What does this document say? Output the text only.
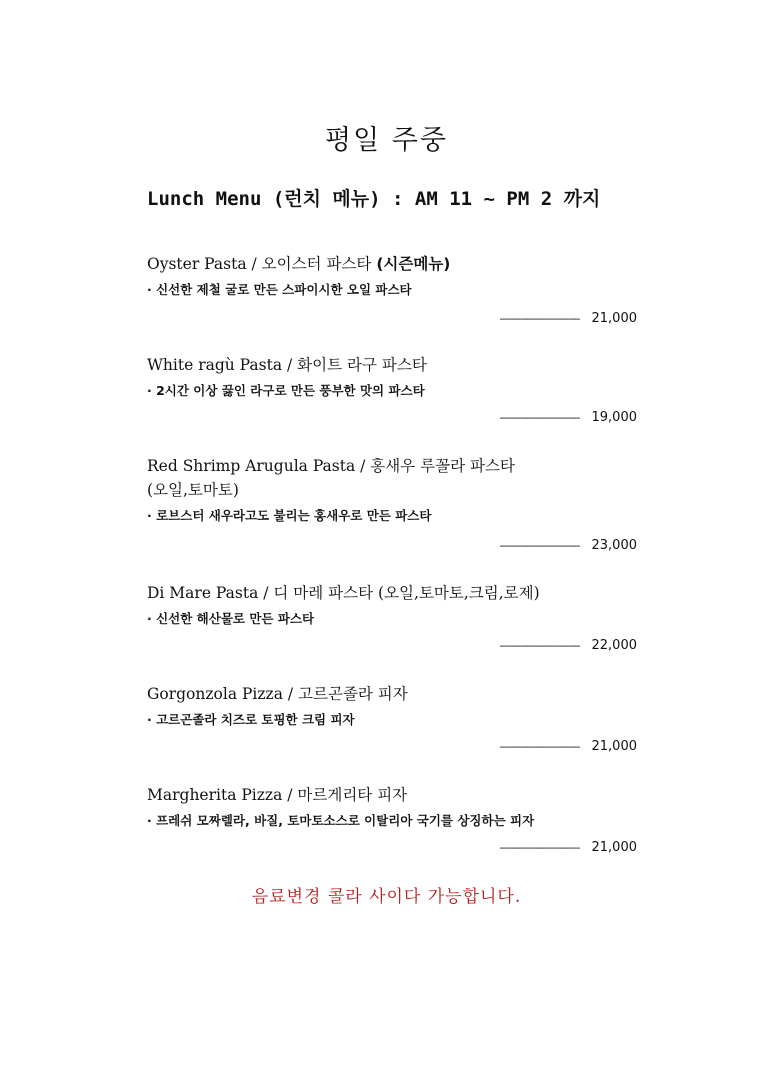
평일 주중
Lunch Menu (런치 메뉴) : AM 11 ~ PM 2 까지
Oyster Pasta / 오이스터 파스타 (시즌메뉴)
· 신선한 제철 굴로 만든 스파이시한 오일 파스타
--------------------------- 21,000
White ragù Pasta / 화이트 라구 파스타
· 2시간 이상 끓인 라구로 만든 풍부한 맛의 파스타
--------------------------- 19,000
Red Shrimp Arugula Pasta / 홍새우 루꼴라 파스타
(오일,토마토)
· 로브스터 새우라고도 불리는 홍새우로 만든 파스타
--------------------------- 23,000
Di Mare Pasta / 디 마레 파스타 (오일,토마토,크림,로제)
· 신선한 해산물로 만든 파스타
--------------------------- 22,000
Gorgonzola Pizza / 고르곤졸라 피자
· 고르곤졸라 치즈로 토핑한 크림 피자
--------------------------- 21,000
Margherita Pizza / 마르게리타 피자
· 프레쉬 모짜렐라, 바질, 토마토소스로 이탈리아 국기를 상징하는 피자
--------------------------- 21,000
음료변경 콜라 사이다 가능합니다.
